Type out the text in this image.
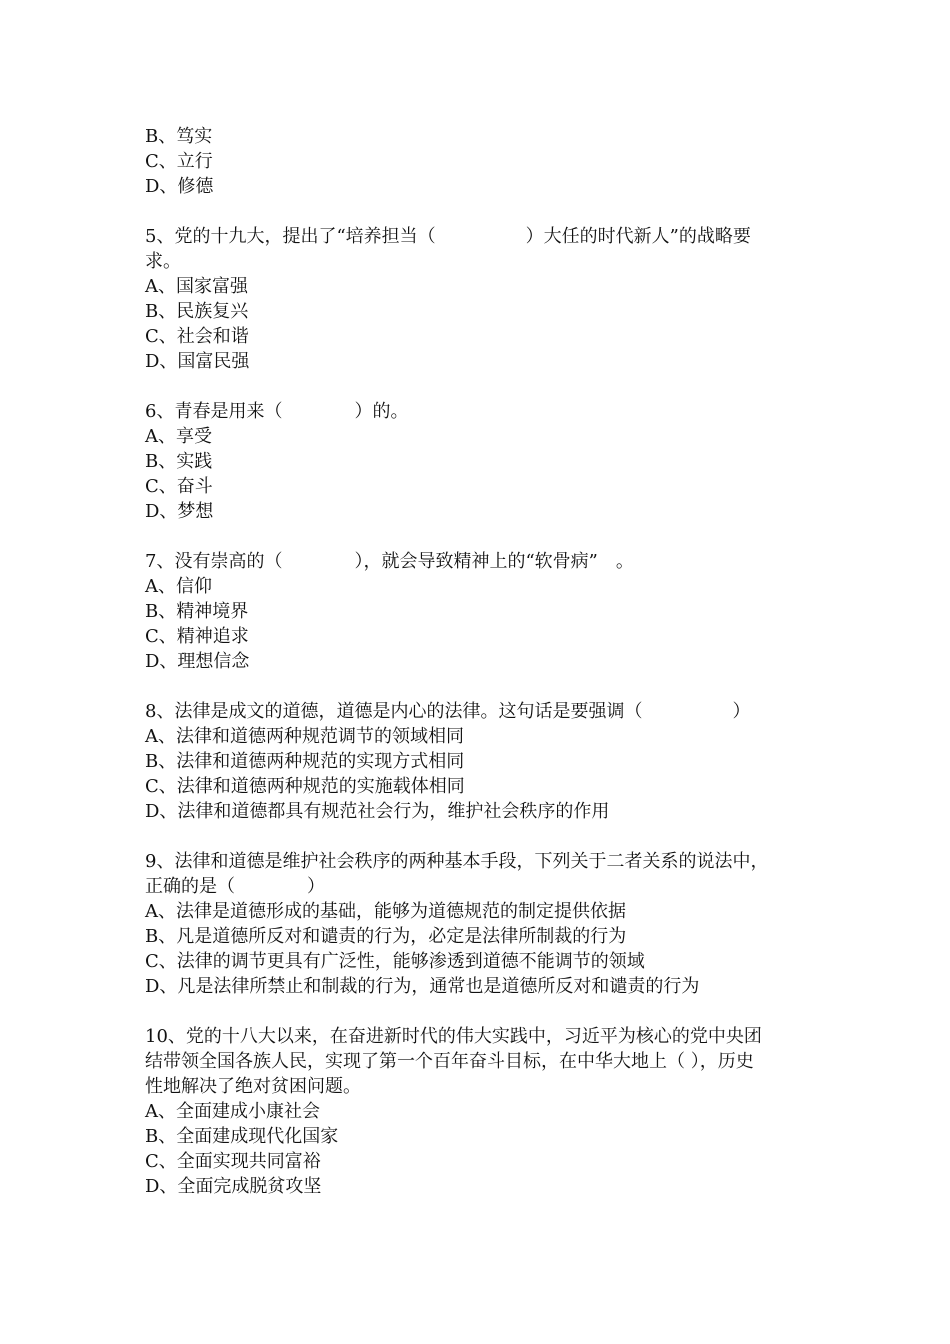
B、笃实
C、立行
D、修德
5、党的十九大，提出了“培养担当（　　　　　）大任的时代新人”的战略要
求。
A、国家富强
B、民族复兴
C、社会和谐
D、国富民强
6、青春是用来（　　　　）的。
A、享受
B、实践
C、奋斗
D、梦想
7、没有崇高的（　　　　），就会导致精神上的“软骨病”　。
A、信仰
B、精神境界
C、精神追求
D、理想信念
8、法律是成文的道德，道德是内心的法律。这句话是要强调（　　　　　）
A、法律和道德两种规范调节的领域相同
B、法律和道德两种规范的实现方式相同
C、法律和道德两种规范的实施载体相同
D、法律和道德都具有规范社会行为，维护社会秩序的作用
9、法律和道德是维护社会秩序的两种基本手段，下列关于二者关系的说法中，
正确的是（　　　　）
A、法律是道德形成的基础，能够为道德规范的制定提供依据
B、凡是道德所反对和谴责的行为，必定是法律所制裁的行为
C、法律的调节更具有广泛性，能够渗透到道德不能调节的领域
D、凡是法律所禁止和制裁的行为，通常也是道德所反对和谴责的行为
10、党的十八大以来，在奋进新时代的伟大实践中，习近平为核心的党中央团
结带领全国各族人民，实现了第一个百年奋斗目标，在中华大地上（ ），历史
性地解决了绝对贫困问题。
A、全面建成小康社会
B、全面建成现代化国家
C、全面实现共同富裕
D、全面完成脱贫攻坚
